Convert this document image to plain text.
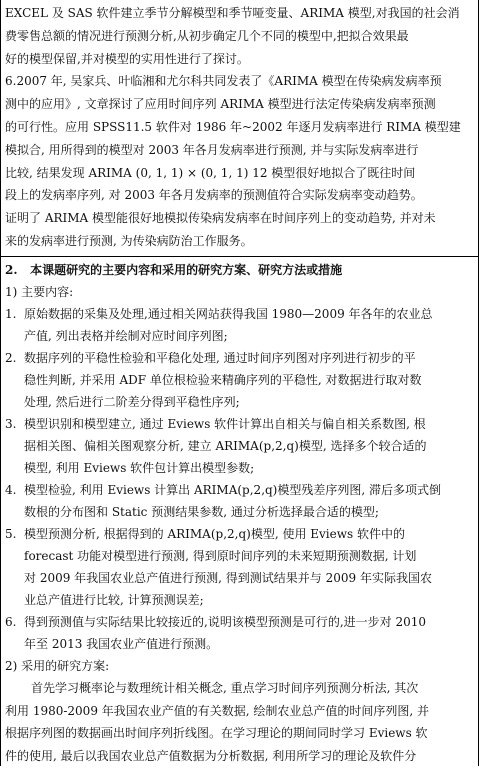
EXCEL 及 SAS 软件建立季节分解模型和季节哑变量、ARIMA 模型,对我国的社会消
费零售总额的情况进行预测分析,从初步确定几个不同的模型中,把拟合效果最
好的模型保留,并对模型的实用性进行了探讨。
6.2007 年, 吴家兵、叶临湘和尤尔科共同发表了《ARIMA 模型在传染病发病率预
测中的应用》, 文章探讨了应用时间序列 ARIMA 模型进行法定传染病发病率预测
的可行性。应用 SPSS11.5 软件对 1986 年~2002 年逐月发病率进行 RIMA 模型建
模拟合, 用所得到的模型对 2003 年各月发病率进行预测, 并与实际发病率进行
比较, 结果发现 ARIMA (0, 1, 1) × (0, 1, 1) 12 模型很好地拟合了既往时间
段上的发病率序列, 对 2003 年各月发病率的预测值符合实际发病率变动趋势。
证明了 ARIMA 模型能很好地模拟传染病发病率在时间序列上的变动趋势, 并对未
来的发病率进行预测, 为传染病防治工作服务。
2. 本课题研究的主要内容和采用的研究方案、研究方法或措施
1) 主要内容:
1. 原始数据的采集及处理,通过相关网站获得我国 1980—2009 年各年的农业总
产值, 列出表格并绘制对应时间序列图;
2. 数据序列的平稳性检验和平稳化处理, 通过时间序列图对序列进行初步的平
稳性判断, 并采用 ADF 单位根检验来精确序列的平稳性, 对数据进行取对数
处理, 然后进行二阶差分得到平稳性序列;
3. 模型识别和模型建立, 通过 Eviews 软件计算出自相关与偏自相关系数图, 根
据相关图、偏相关图观察分析, 建立 ARIMA(p,2,q)模型, 选择多个较合适的
模型, 利用 Eviews 软件包计算出模型参数;
4. 模型检验, 利用 Eviews 计算出 ARIMA(p,2,q)模型残差序列图, 滞后多项式倒
数根的分布图和 Static 预测结果参数, 通过分析选择最合适的模型;
5. 模型预测分析, 根据得到的 ARIMA(p,2,q)模型, 使用 Eviews 软件中的
forecast 功能对模型进行预测, 得到原时间序列的未来短期预测数据, 计划
对 2009 年我国农业总产值进行预测, 得到测试结果并与 2009 年实际我国农
业总产值进行比较, 计算预测误差;
6. 得到预测值与实际结果比较接近的,说明该模型预测是可行的,进一步对 2010
年至 2013 我国农业产值进行预测。
2) 采用的研究方案:
首先学习概率论与数理统计相关概念, 重点学习时间序列预测分析法, 其次
利用 1980-2009 年我国农业产值的有关数据, 绘制农业总产值的时间序列图, 并
根据序列图的数据画出时间序列折线图。在学习理论的期间同时学习 Eviews 软
件的使用, 最后以我国农业总产值数据为分析数据, 利用所学习的理论及软件分
